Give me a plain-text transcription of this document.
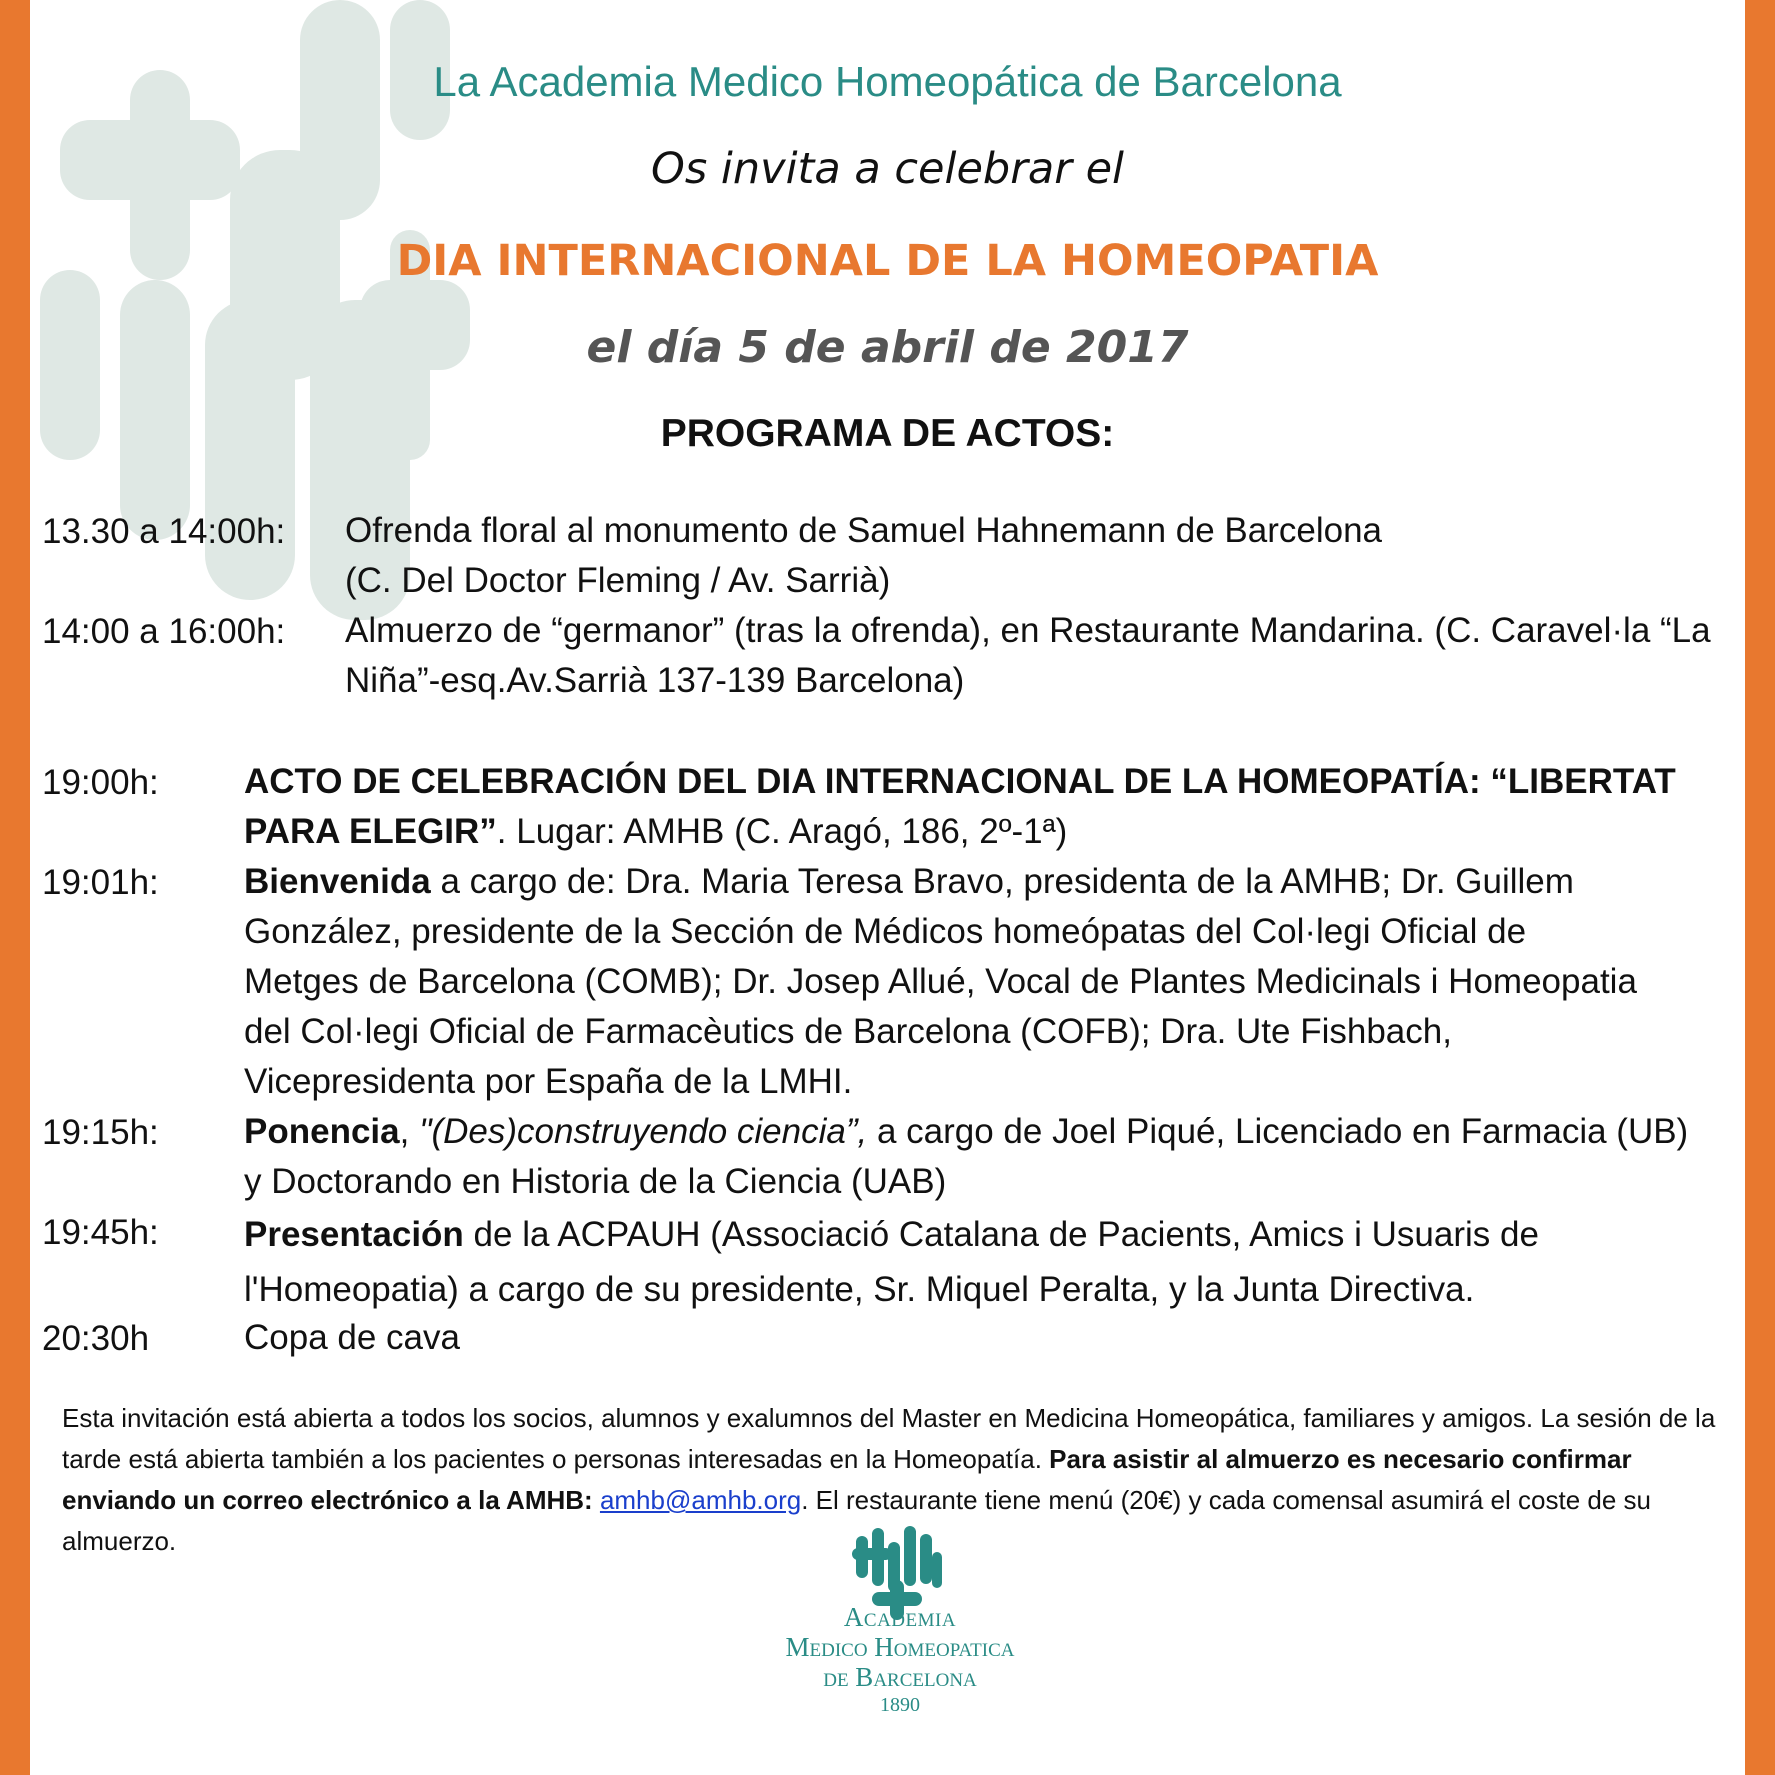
La Academia Medico Homeopática de Barcelona
Os invita a celebrar el
DIA INTERNACIONAL DE LA HOMEOPATIA
el día 5 de abril de 2017
PROGRAMA DE ACTOS:
13.30 a 14:00h: Ofrenda floral al monumento de Samuel Hahnemann de Barcelona
(C. Del Doctor Fleming / Av. Sarrià)
14:00 a 16:00h: Almuerzo de “germanor” (tras la ofrenda), en Restaurante Mandarina. (C. Caravel·la “La
Niña”-esq.Av.Sarrià 137-139 Barcelona)
19:00h: ACTO DE CELEBRACIÓN DEL DIA INTERNACIONAL DE LA HOMEOPATÍA: “LIBERTAT PARA ELEGIR”. Lugar: AMHB (C. Aragó, 186, 2º-1ª)
19:01h: Bienvenida a cargo de: Dra. Maria Teresa Bravo, presidenta de la AMHB; Dr. Guillem González, presidente de la Sección de Médicos homeópatas del Col·legi Oficial de Metges de Barcelona (COMB); Dr. Josep Allué, Vocal de Plantes Medicinals i Homeopatia del Col·legi Oficial de Farmacèutics de Barcelona (COFB); Dra. Ute Fishbach, Vicepresidenta por España de la LMHI.
19:15h: Ponencia, "(Des)construyendo ciencia”, a cargo de Joel Piqué, Licenciado en Farmacia (UB) y Doctorando en Historia de la Ciencia (UAB)
19:45h: Presentación de la ACPAUH (Associació Catalana de Pacients, Amics i Usuaris de l'Homeopatia) a cargo de su presidente, Sr. Miquel Peralta, y la Junta Directiva.
20:30h	Copa de cava
Esta invitación está abierta a todos los socios, alumnos y exalumnos del Master en Medicina Homeopática, familiares y amigos. La sesión de la tarde está abierta también a los pacientes o personas interesadas en la Homeopatía. Para asistir al almuerzo es necesario confirmar enviando un correo electrónico a la AMHB: amhb@amhb.org. El restaurante tiene menú (20€) y cada comensal asumirá el coste de su almuerzo.
Academia
Medico Homeopatica
de Barcelona
1890
